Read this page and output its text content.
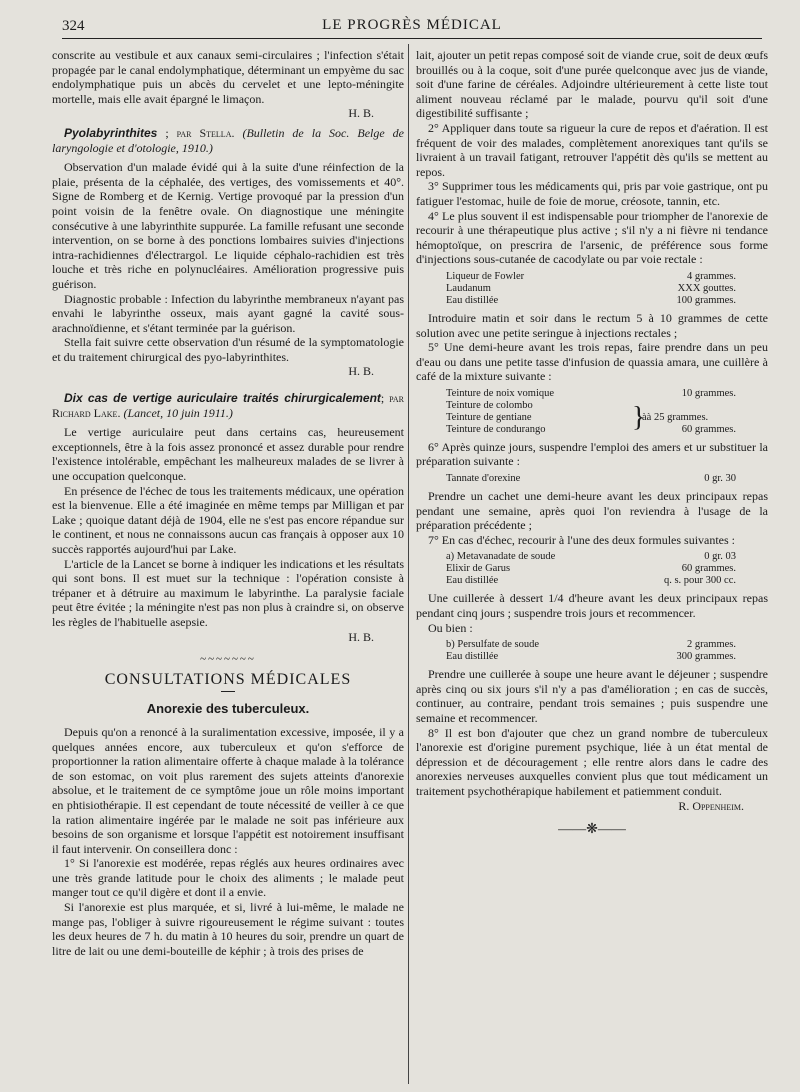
324	LE PROGRÈS MÉDICAL

conscrite au vestibule et aux canaux semi-circulaires ; l'infection s'était propagée par le canal endolymphatique, déterminant un empyème du sac endolymphatique puis un abcès du cervelet et une lepto-méningite mortelle, mais elle avait épargné le limaçon.

H. B.

Pyolabyrinthites ; par Stella. (Bulletin de la Soc. Belge de laryngologie et d'otologie, 1910.)

Observation d'un malade évidé qui à la suite d'une réinfection de la plaie, présenta de la céphalée, des vertiges, des vomissements et 40°. Signe de Romberg et de Kernig. Vertige provoqué par la pression d'un point voisin de la fenêtre ovale. On diagnostique une méningite consécutive à une labyrinthite suppurée. La famille refusant une seconde intervention, on se borne à des ponctions lombaires suivies d'injections intra-rachidiennes d'électrargol. Le liquide céphalo-rachidien est très louche et très riche en polynucléaires. Amélioration progressive puis guérison.

Diagnostic probable : Infection du labyrinthe membraneux n'ayant pas envahi le labyrinthe osseux, mais ayant gagné la cavité sous-arachnoïdienne, et s'étant terminée par la guérison.

Stella fait suivre cette observation d'un résumé de la symptomatologie et du traitement chirurgical des pyo-labyrinthites.

H. B.

Dix cas de vertige auriculaire traités chirurgicalement; par Richard Lake. (Lancet, 10 juin 1911.)

Le vertige auriculaire peut dans certains cas, heureusement exceptionnels, être à la fois assez prononcé et assez durable pour rendre l'existence intolérable, empêchant les malheureux malades de se livrer à une occupation quelconque.

En présence de l'échec de tous les traitements médicaux, une opération est la bienvenue. Elle a été imaginée en même temps par Milligan et par Lake ; quoique datant déjà de 1904, elle ne s'est pas encore répandue sur le continent, et nous ne connaissons aucun cas français à opposer aux 10 succès rapportés aujourd'hui par Lake.

L'article de la Lancet se borne à indiquer les indications et les résultats qui sont bons. Il est muet sur la technique : l'opération consiste à trépaner et à détruire au maximum le labyrinthe. La paralysie faciale peut être évitée ; la méningite n'est pas non plus à craindre si, on observe les règles de l'habituelle asepsie.

H. B.

~~~~~~~
CONSULTATIONS MÉDICALES
Anorexie des tuberculeux.

Depuis qu'on a renoncé à la suralimentation excessive, imposée, il y a quelques années encore, aux tuberculeux et qu'on s'efforce de proportionner la ration alimentaire offerte à chaque malade à la tolérance de son estomac, on voit plus rarement des sujets atteints d'anorexie absolue, et le traitement de ce symptôme joue un rôle moins important en phtisiothérapie. Il est cependant de toute nécessité de veiller à ce que la ration alimentaire ingérée par le malade ne soit pas inférieure aux besoins de son organisme et lorsque l'appétit est notoirement insuffisant il faut intervenir. On conseillera donc :

1° Si l'anorexie est modérée, repas réglés aux heures ordinaires avec une très grande latitude pour le choix des aliments ; le malade peut manger tout ce qu'il digère et dont il a envie.

Si l'anorexie est plus marquée, et si, livré à lui-même, le malade ne mange pas, l'obliger à suivre rigoureusement le régime suivant : toutes les deux heures de 7 h. du matin à 10 heures du soir, prendre un quart de litre de lait ou une demi-bouteille de képhir ; à trois des prises de

lait, ajouter un petit repas composé soit de viande crue, soit de deux œufs brouillés ou à la coque, soit d'une purée quelconque avec jus de viande, soit d'une farine de céréales. Adjoindre ultérieurement à cette liste tout aliment nouveau réclamé par le malade, pourvu qu'il soit d'une digestibilité suffisante ;

2° Appliquer dans toute sa rigueur la cure de repos et d'aération. Il est fréquent de voir des malades, complètement anorexiques tant qu'ils se livraient à un travail fatigant, retrouver l'appétit dès qu'ils se mettent au repos.

3° Supprimer tous les médicaments qui, pris par voie gastrique, ont pu fatiguer l'estomac, huile de foie de morue, créosote, tannin, etc.

4° Le plus souvent il est indispensable pour triompher de l'anorexie de recourir à une thérapeutique plus active ; s'il n'y a ni fièvre ni tendance hémoptoïque, on prescrira de l'arsenic, de préférence sous forme d'injections sous-cutanée de cacodylate ou par voie rectale :

Liqueur de Fowler	4 grammes.
Laudanum	XXX gouttes.
Eau distillée	100 grammes.

Introduire matin et soir dans le rectum 5 à 10 grammes de cette solution avec une petite seringue à injections rectales ;

5° Une demi-heure avant les trois repas, faire prendre dans un peu d'eau ou dans une petite tasse d'infusion de quassia amara, une cuillère à café de la mixture suivante :

Teinture de noix vomique	10 grammes.
Teinture de colombo
Teinture de gentiane	}
àà 25 grammes.
Teinture de condurango	60 grammes.

6° Après quinze jours, suspendre l'emploi des amers et ur substituer la préparation suivante :

Tannate d'orexine	0 gr. 30

Prendre un cachet une demi-heure avant les deux principaux repas pendant une semaine, après quoi l'on reviendra à l'usage de la préparation précédente ;

7° En cas d'échec, recourir à l'une des deux formules suivantes :

a) Metavanadate de soude	0 gr. 03
Elixir de Garus	60 grammes.
Eau distillée	q. s. pour 300 cc.

Une cuillerée à dessert 1/4 d'heure avant les deux principaux repas pendant cinq jours ; suspendre trois jours et recommencer.

Ou bien :

b) Persulfate de soude	2 grammes.
Eau distillée	300 grammes.

Prendre une cuillerée à soupe une heure avant le déjeuner ; suspendre après cinq ou six jours s'il n'y a pas d'amélioration ; en cas de succès, continuer, au contraire, pendant trois semaines ; puis suspendre une semaine et recommencer.

8° Il est bon d'ajouter que chez un grand nombre de tuberculeux l'anorexie est d'origine purement psychique, liée à un état mental de dépression et de découragement ; elle rentre alors dans le cadre des anorexies nerveuses auxquelles convient plus que tout médicament un traitement psychothérapique habilement et patiemment conduit.

R. Oppenheim.

——❋——
